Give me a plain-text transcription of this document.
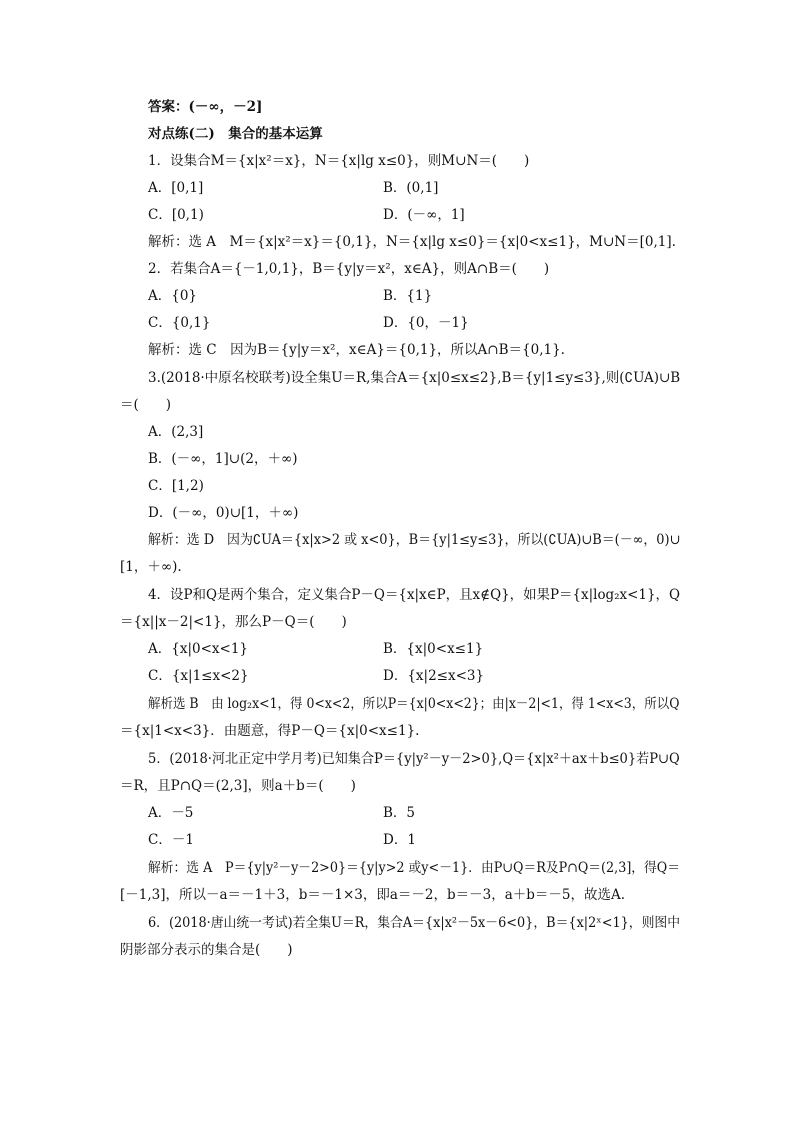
答案：(－∞，－2]
对点练(二)　集合的基本运算
1．设集合M＝{x|x²＝x}，N＝{x|lg x≤0}，则M∪N＝(　　)
A．[0,1]	B．(0,1]
C．[0,1)	D．(－∞，1]
解析：选 A　M＝{x|x²＝x}＝{0,1}，N＝{x|lg x≤0}＝{x|0<x≤1}，M∪N＝[0,1].
2．若集合A＝{－1,0,1}，B＝{y|y＝x²，x∈A}，则A∩B＝(　　)
A．{0}	B．{1}
C．{0,1}	D．{0，－1}
解析：选 C　因为B＝{y|y＝x²，x∈A}＝{0,1}，所以A∩B＝{0,1}.
3.(2018·中原名校联考)设全集U＝R,集合A＝{x|0≤x≤2},B＝{y|1≤y≤3},则(∁UA)∪B
＝(　　)
A．(2,3]
B．(－∞，1]∪(2，＋∞)
C．[1,2)
D．(－∞，0)∪[1，＋∞)
解析：选 D　因为∁UA＝{x|x>2 或 x<0}，B＝{y|1≤y≤3}，所以(∁UA)∪B＝(－∞，0)∪
[1，＋∞).
4．设P和Q是两个集合，定义集合P－Q＝{x|x∈P，且x∉Q}，如果P＝{x|log₂x<1}，Q
＝{x||x－2|<1}，那么P－Q＝(　　)
A．{x|0<x<1}	B．{x|0<x≤1}
C．{x|1≤x<2}	D．{x|2≤x<3}
解析选 B　由 log₂x<1，得 0<x<2，所以P＝{x|0<x<2}；由|x－2|<1，得 1<x<3，所以Q
＝{x|1<x<3}．由题意，得P－Q＝{x|0<x≤1}.
5．(2018·河北正定中学月考)已知集合P＝{y|y²－y－2>0},Q＝{x|x²＋ax＋b≤0}若P∪Q
＝R，且P∩Q＝(2,3]，则a＋b＝(　　)
A．－5	B．5
C．－1	D．1
解析：选 A　P＝{y|y²－y－2>0}＝{y|y>2 或y<－1}．由P∪Q＝R及P∩Q＝(2,3]，得Q＝
[－1,3]，所以－a＝－1＋3，b＝－1×3，即a＝－2，b＝－3，a＋b＝－5，故选A.
6．(2018·唐山统一考试)若全集U＝R，集合A＝{x|x²－5x－6<0}，B＝{x|2ˣ<1}，则图中
阴影部分表示的集合是(　　)
